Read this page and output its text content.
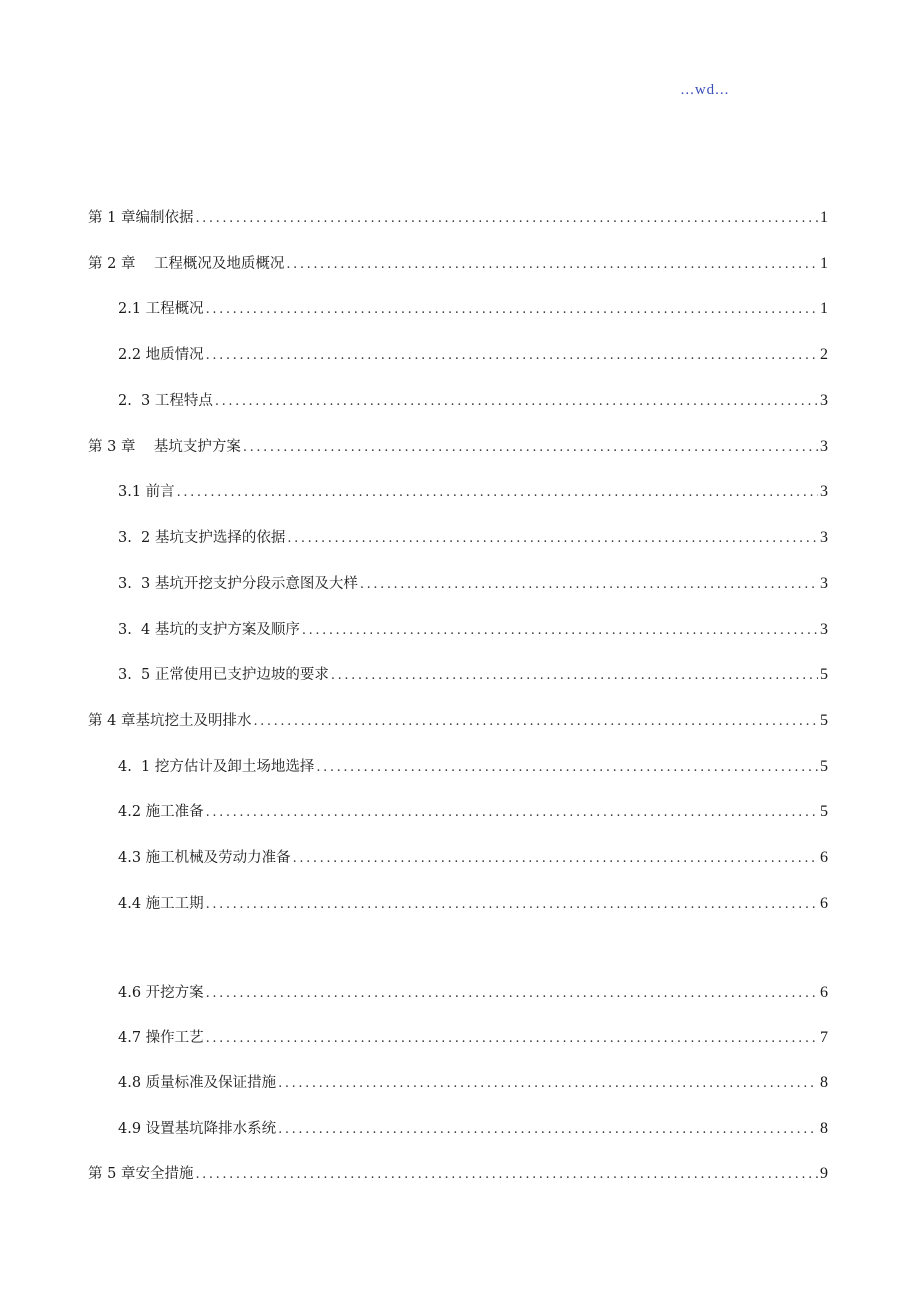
...wd...
第 1 章编制依据 .....	1
第 2 章    工程概况及地质概况 .....	1
2.1 工程概况 .....	1
2.2 地质情况 .....	2
2.  3 工程特点 .....	3
第 3 章    基坑支护方案 .....	3
3.1 前言 .....	3
3.  2 基坑支护选择的依据 .....	3
3.  3 基坑开挖支护分段示意图及大样 .....	3
3.  4 基坑的支护方案及顺序 .....	3
3.  5 正常使用已支护边坡的要求 .....	5
第 4 章基坑挖土及明排水 .....	5
4.  1 挖方估计及卸土场地选择 .....	5
4.2 施工准备 .....	5
4.3 施工机械及劳动力准备 .....	6
4.4 施工工期 .....	6
4.6 开挖方案 .....	6
4.7 操作工艺 .....	7
4.8 质量标准及保证措施 .....	8
4.9 设置基坑降排水系统 .....	8
第 5 章安全措施 .....	9
